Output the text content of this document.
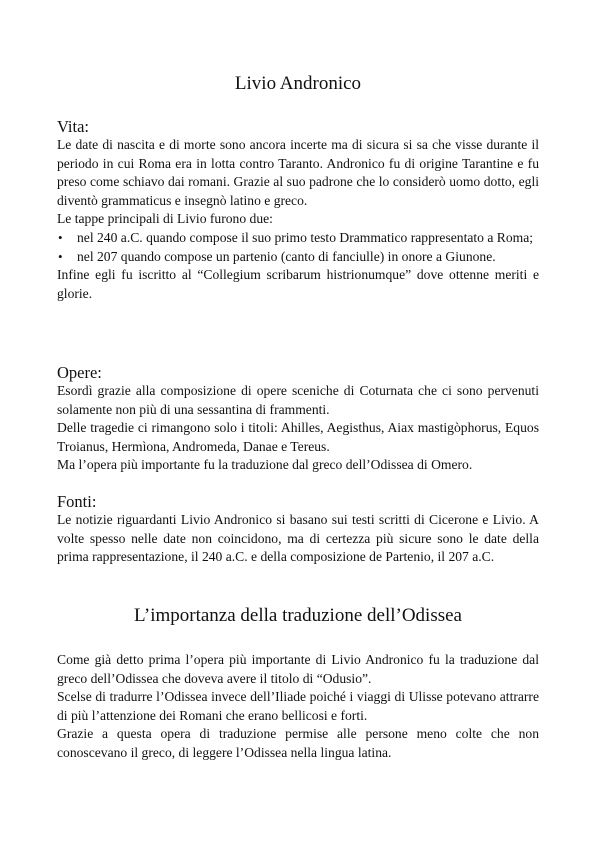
Livio Andronico
Vita:

Le date di nascita e di morte sono ancora incerte ma di sicura si sa che visse durante il periodo in cui Roma era in lotta contro Taranto. Andronico fu di origine Tarantine e fu preso come schiavo dai romani. Grazie al suo padrone che lo considerò uomo dotto, egli diventò grammaticus e insegnò latino e greco.

Le tappe principali di Livio furono due:

• nel 240 a.C. quando compose il suo primo testo Drammatico rappresentato a Roma;
• nel 207 quando compose un partenio (canto di fanciulle) in onore a Giunone.

Infine egli fu iscritto al “Collegium scribarum histrionumque” dove ottenne meriti e glorie.

Opere:

Esordì grazie alla composizione di opere sceniche di Coturnata che ci sono pervenuti solamente non più di una sessantina di frammenti.

Delle tragedie ci rimangono solo i titoli: Ahilles, Aegisthus, Aiax mastigòphorus, Equos Troianus, Hermìona, Andromeda, Danae e Tereus.

Ma l’opera più importante fu la traduzione dal greco dell’Odissea di Omero.

Fonti:

Le notizie riguardanti Livio Andronico si basano sui testi scritti di Cicerone e Livio. A volte spesso nelle date non coincidono, ma di certezza più sicure sono le date della prima rappresentazione, il 240 a.C. e della composizione de Partenio, il 207 a.C.

L’importanza della traduzione dell’Odissea

Come già detto prima l’opera più importante di Livio Andronico fu la traduzione dal greco dell’Odissea che doveva avere il titolo di “Odusio”.

Scelse di tradurre l’Odissea invece dell’Iliade poiché i viaggi di Ulisse potevano attrarre di più l’attenzione dei Romani che erano bellicosi e forti.

Grazie a questa opera di traduzione permise alle persone meno colte che non conoscevano il greco, di leggere l’Odissea nella lingua latina.
